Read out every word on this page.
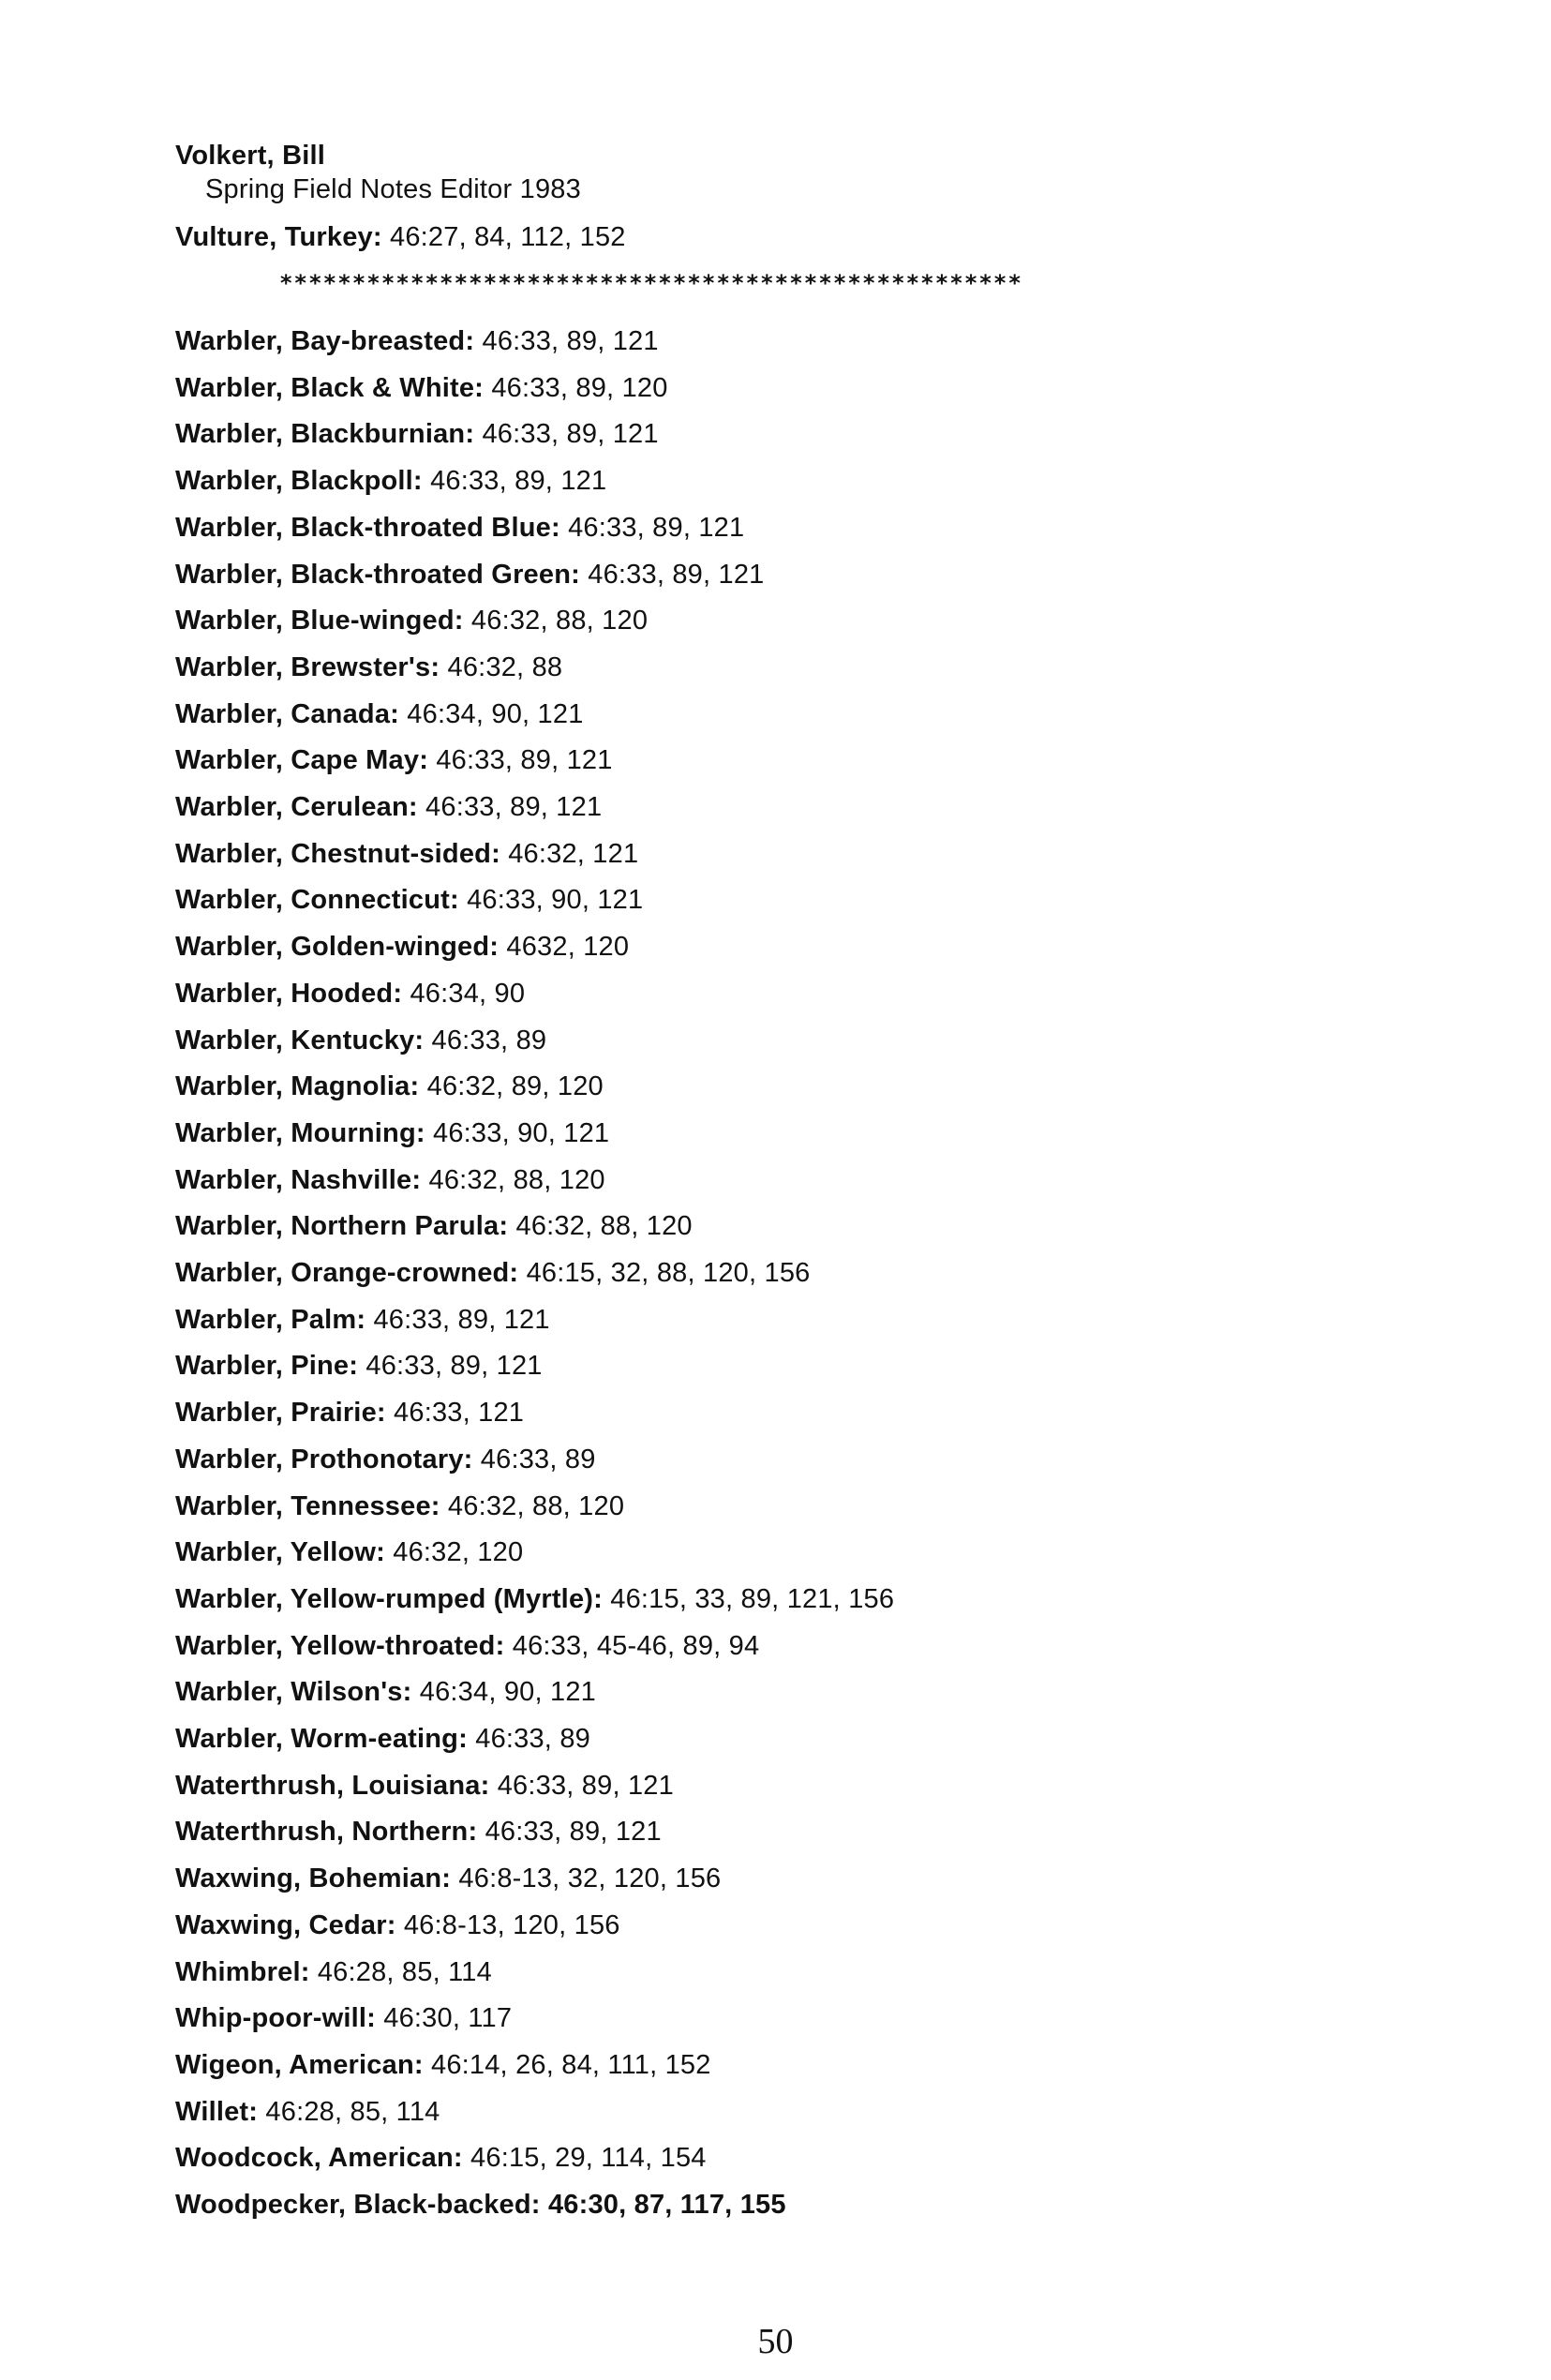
Volkert, Bill
Spring Field Notes Editor 1983
Vulture, Turkey: 46:27, 84, 112, 152
***************************************************
Warbler, Bay-breasted: 46:33, 89, 121
Warbler, Black & White: 46:33, 89, 120
Warbler, Blackburnian: 46:33, 89, 121
Warbler, Blackpoll: 46:33, 89, 121
Warbler, Black-throated Blue: 46:33, 89, 121
Warbler, Black-throated Green: 46:33, 89, 121
Warbler, Blue-winged: 46:32, 88, 120
Warbler, Brewster's: 46:32, 88
Warbler, Canada: 46:34, 90, 121
Warbler, Cape May: 46:33, 89, 121
Warbler, Cerulean: 46:33, 89, 121
Warbler, Chestnut-sided: 46:32, 121
Warbler, Connecticut: 46:33, 90, 121
Warbler, Golden-winged: 4632, 120
Warbler, Hooded: 46:34, 90
Warbler, Kentucky: 46:33, 89
Warbler, Magnolia: 46:32, 89, 120
Warbler, Mourning: 46:33, 90, 121
Warbler, Nashville: 46:32, 88, 120
Warbler, Northern Parula: 46:32, 88, 120
Warbler, Orange-crowned: 46:15, 32, 88, 120, 156
Warbler, Palm: 46:33, 89, 121
Warbler, Pine: 46:33, 89, 121
Warbler, Prairie: 46:33, 121
Warbler, Prothonotary: 46:33, 89
Warbler, Tennessee: 46:32, 88, 120
Warbler, Yellow: 46:32, 120
Warbler, Yellow-rumped (Myrtle): 46:15, 33, 89, 121, 156
Warbler, Yellow-throated: 46:33, 45-46, 89, 94
Warbler, Wilson's: 46:34, 90, 121
Warbler, Worm-eating: 46:33, 89
Waterthrush, Louisiana: 46:33, 89, 121
Waterthrush, Northern: 46:33, 89, 121
Waxwing, Bohemian: 46:8-13, 32, 120, 156
Waxwing, Cedar: 46:8-13, 120, 156
Whimbrel: 46:28, 85, 114
Whip-poor-will: 46:30, 117
Wigeon, American: 46:14, 26, 84, 111, 152
Willet: 46:28, 85, 114
Woodcock, American: 46:15, 29, 114, 154
Woodpecker, Black-backed: 46:30, 87, 117, 155
50
